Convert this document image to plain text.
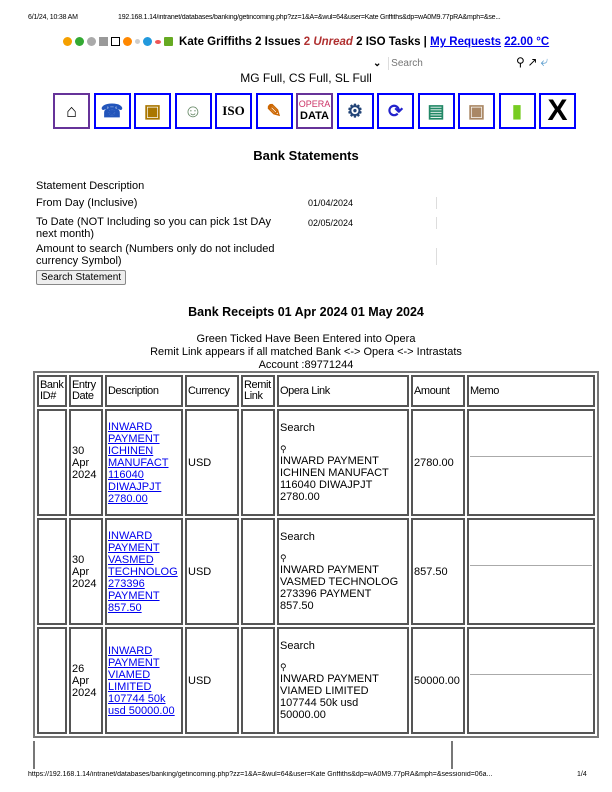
6/1/24, 10:38 AM	192.168.1.14/intranet/databases/banking/getincoming.php?zz=1&A=&wul=64&user=Kate Griffiths&dp=wA0M9.77pRA&mph=&se...
Kate Griffiths 2 Issues 2 Unread 2 ISO Tasks | My Requests 22.00 °C
⌄ Search	⚲ ↗ ⤶
MG Full, CS Full, SL Full
⌂ ☎ ▣ ☺ ISO ✎ OPERA
DATA ⚙ ⟳ ▤ ▣ ▮ X
Bank Statements
Statement Description
From Day (Inclusive)
01/04/2024
To Date (NOT Including so you can pick 1st DAy next month)
02/05/2024
Amount to search (Numbers only do not included currency Symbol)
Search Statement
Bank Receipts 01 Apr 2024 01 May 2024
Green Ticked Have Been Entered into Opera
Remit Link appears if all matched Bank <-> Opera <-> Intrastats
Account :89771244
Bank ID#	Entry Date	Description	Currency	Remit Link	Opera Link	Amount	Memo
	30 Apr 2024	INWARD PAYMENT ICHINEN MANUFACT 116040 DIWAJPJT 2780.00	USD		Search
⚲
INWARD PAYMENT ICHINEN MANUFACT 116040 DIWAJPJT 2780.00	2780.00	

	30 Apr 2024	INWARD PAYMENT VASMED TECHNOLOG 273396 PAYMENT 857.50	USD		Search
⚲
INWARD PAYMENT VASMED TECHNOLOG 273396 PAYMENT 857.50	857.50	

	26 Apr 2024	INWARD PAYMENT VIAMED LIMITED 107744 50k usd 50000.00	USD		Search
⚲
INWARD PAYMENT VIAMED LIMITED 107744 50k usd 50000.00	50000.00	
https://192.168.1.14/intranet/databases/banking/getincoming.php?zz=1&A=&wul=64&user=Kate Griffiths&dp=wA0M9.77pRA&mph=&sessionid=06a...	1/4
